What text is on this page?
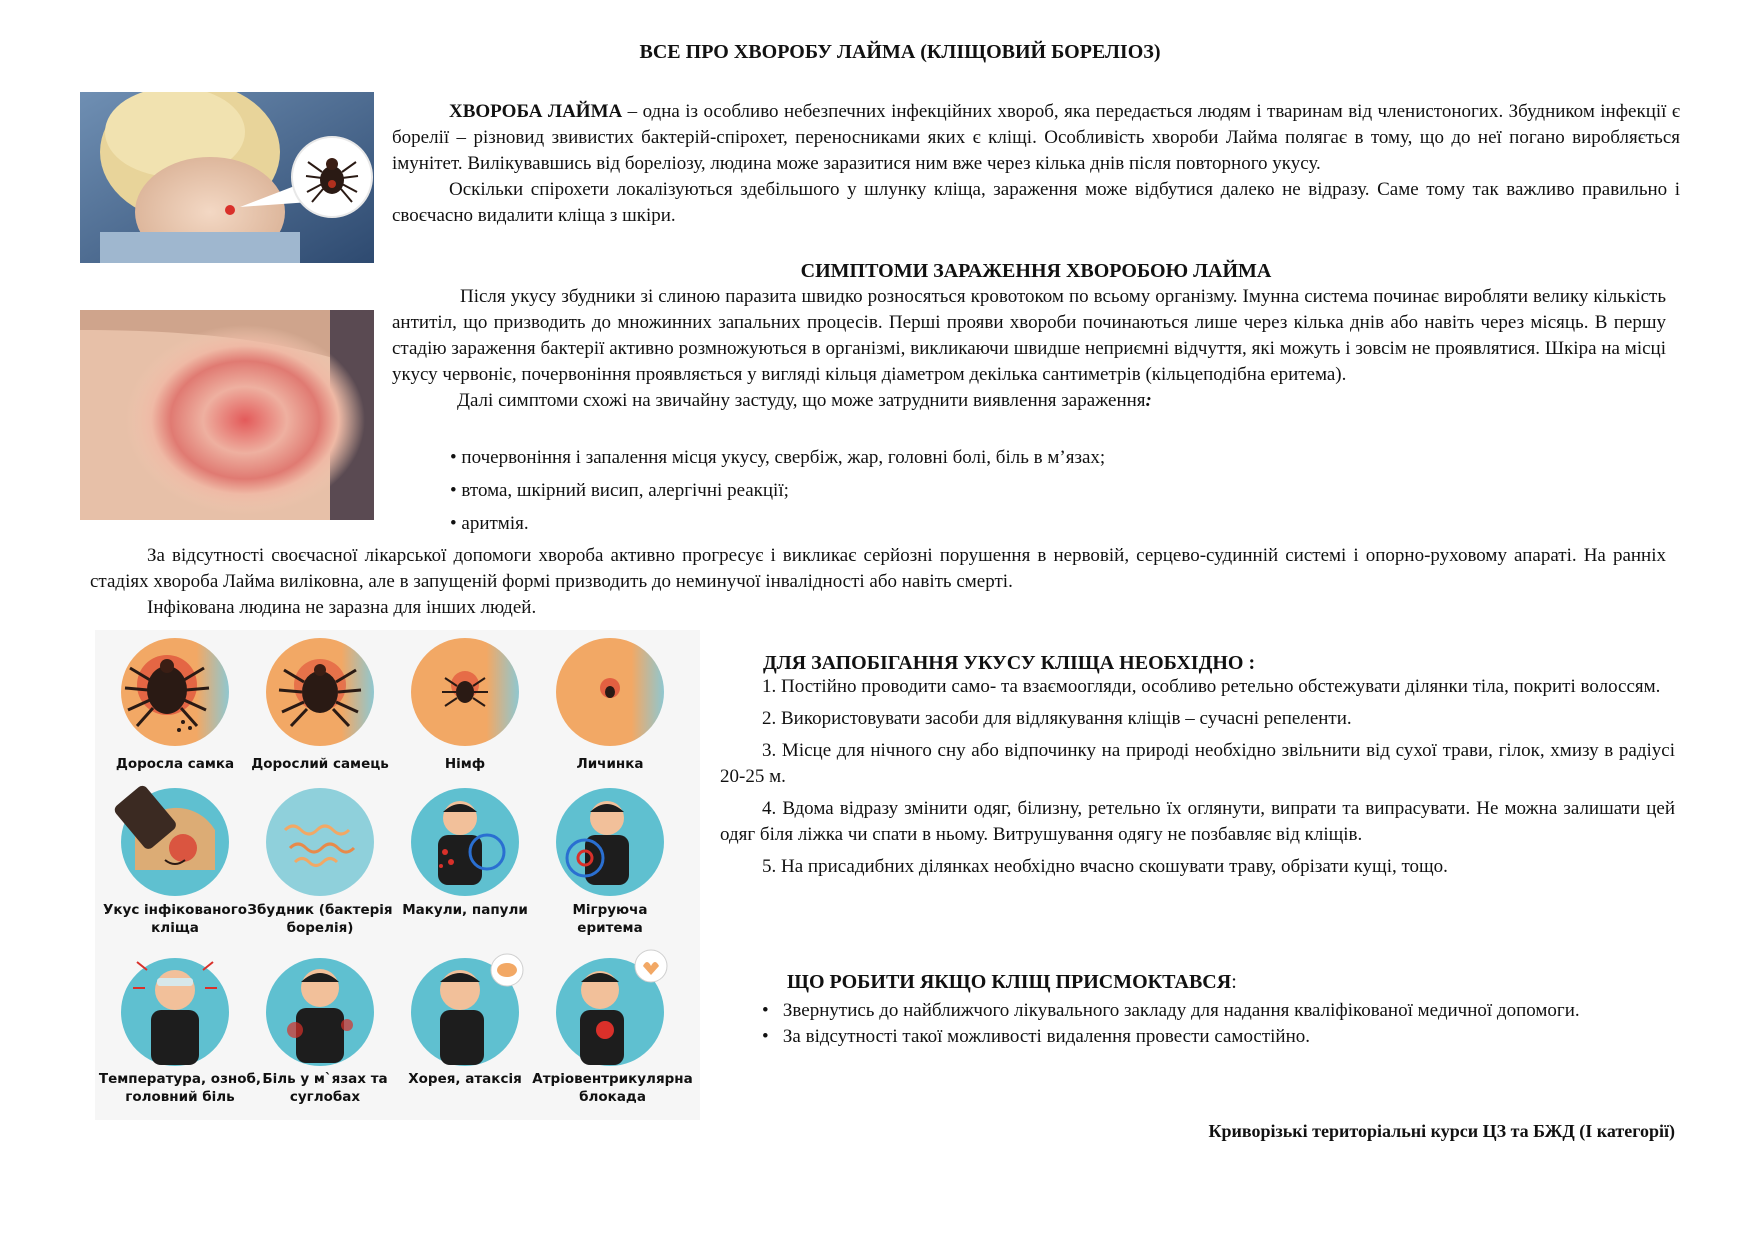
ВСЕ ПРО ХВОРОБУ ЛАЙМА (КЛІЩОВИЙ БОРЕЛІОЗ)

ХВОРОБА ЛАЙМА – одна із особливо небезпечних інфекційних хвороб, яка передається людям і тваринам від членистоногих. Збудником інфекції є борелії – різновид звивистих бактерій-спірохет, переносниками яких є кліщі. Особливість хвороби Лайма полягає в тому, що до неї погано виробляється імунітет. Вилікувавшись від бореліозу, людина може заразитися ним вже через кілька днів після повторного укусу.

Оскільки спірохети локалізуються здебільшого у шлунку кліща, зараження може відбутися далеко не відразу. Саме тому так важливо правильно і своєчасно видалити кліща з шкіри.

СИМПТОМИ ЗАРАЖЕННЯ ХВОРОБОЮ ЛАЙМА

Після укусу збудники зі слиною паразита швидко розносяться кровотоком по всьому організму. Імунна система починає виробляти велику кількість антитіл, що призводить до множинних запальних процесів. Перші прояви хвороби починаються лише через кілька днів або навіть через місяць. В першу стадію зараження бактерії активно розмножуються в організмі, викликаючи швидше неприємні відчуття, які можуть і зовсім не проявлятися. Шкіра на місці укусу червоніє, почервоніння проявляється у вигляді кільця діаметром декілька сантиметрів (кільцеподібна еритема).

Далі симптоми схожі на звичайну застуду, що може затруднити виявлення зараження:

• почервоніння і запалення місця укусу, свербіж, жар, головні болі, біль в м’язах;
• втома, шкірний висип, алергічні реакції;
• аритмія.

За відсутності своєчасної лікарської допомоги хвороба активно прогресує і викликає серйозні порушення в нервовій, серцево-судинній системі і опорно-руховому апараті. На ранніх стадіях хвороба Лайма виліковна, але в запущеній формі призводить до неминучої інвалідності або навіть смерті.

Інфікована людина не заразна для інших людей.

Доросла самка	Дорослий самець	Німф	Личинка
Укус інфікованого кліща
Збудник (бактерія борелія)
Макули, папули	Мігруюча еритема
Температура, озноб, головний біль
Біль у м`язах та суглобах
Хорея, атаксія Атріовентрикулярна блокада
ДЛЯ ЗАПОБІГАННЯ УКУСУ КЛІЩА НЕОБХІДНО :

1. Постійно проводити само- та взаємоогляди, особливо ретельно обстежувати ділянки тіла, покриті волоссям.

2. Використовувати засоби для відлякування кліщів – сучасні репеленти.

3. Місце для нічного сну або відпочинку на природі необхідно звільнити від сухої трави, гілок, хмизу в радіусі 20-25 м.

4. Вдома відразу змінити одяг, білизну, ретельно їх оглянути, випрати та випрасувати. Не можна залишати цей одяг біля ліжка чи спати в ньому. Витрушування одягу не позбавляє від кліщів.

5. На присадибних ділянках необхідно вчасно скошувати траву, обрізати кущі, тощо.

ЩО РОБИТИ ЯКЩО КЛІЩ ПРИСМОКТАВСЯ:

•   Звернутись до найближчого лікувального закладу для надання кваліфікованої медичної допомоги.

•   За відсутності такої можливості видалення провести самостійно.

Криворізькі територіальні курси ЦЗ та БЖД (І категорії)
